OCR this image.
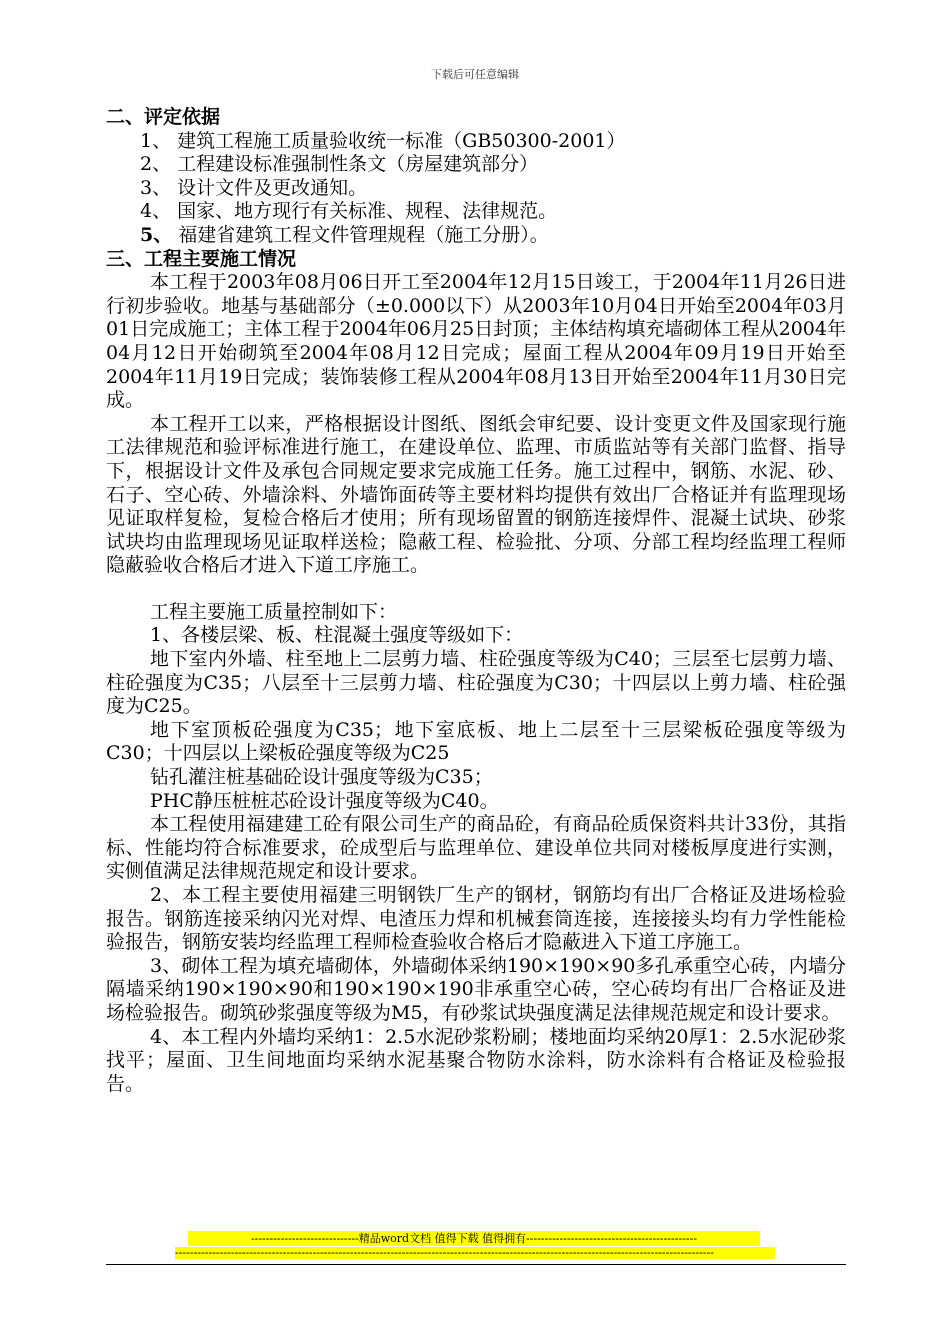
下载后可任意编辑
二、评定依据
1、 建筑工程施工质量验收统一标准（GB50300-2001）
2、 工程建设标准强制性条文（房屋建筑部分）
3、 设计文件及更改通知。
4、 国家、地方现行有关标准、规程、法律规范。
5、 福建省建筑工程文件管理规程（施工分册）。
三、工程主要施工情况
本工程于2003年08月06日开工至2004年12月15日竣工，于2004年11月26日进行初步验收。地基与基础部分（±0.000以下）从2003年10月04日开始至2004年03月01日完成施工；主体工程于2004年06月25日封顶；主体结构填充墙砌体工程从2004年04月12日开始砌筑至2004年08月12日完成；屋面工程从2004年09月19日开始至2004年11月19日完成；装饰装修工程从2004年08月13日开始至2004年11月30日完成。
本工程开工以来，严格根据设计图纸、图纸会审纪要、设计变更文件及国家现行施工法律规范和验评标准进行施工，在建设单位、监理、市质监站等有关部门监督、指导下，根据设计文件及承包合同规定要求完成施工任务。施工过程中，钢筋、水泥、砂、石子、空心砖、外墙涂料、外墙饰面砖等主要材料均提供有效出厂合格证并有监理现场见证取样复检，复检合格后才使用；所有现场留置的钢筋连接焊件、混凝土试块、砂浆试块均由监理现场见证取样送检；隐蔽工程、检验批、分项、分部工程均经监理工程师隐蔽验收合格后才进入下道工序施工。
工程主要施工质量控制如下：
1、各楼层梁、板、柱混凝土强度等级如下：
地下室内外墙、柱至地上二层剪力墙、柱砼强度等级为C40；三层至七层剪力墙、柱砼强度为C35；八层至十三层剪力墙、柱砼强度为C30；十四层以上剪力墙、柱砼强度为C25。
地下室顶板砼强度为C35；地下室底板、地上二层至十三层梁板砼强度等级为C30；十四层以上梁板砼强度等级为C25
钻孔灌注桩基础砼设计强度等级为C35；
PHC静压桩桩芯砼设计强度等级为C40。
本工程使用福建建工砼有限公司生产的商品砼，有商品砼质保资料共计33份，其指标、性能均符合标准要求，砼成型后与监理单位、建设单位共同对楼板厚度进行实测，实侧值满足法律规范规定和设计要求。
2、本工程主要使用福建三明钢铁厂生产的钢材，钢筋均有出厂合格证及进场检验报告。钢筋连接采纳闪光对焊、电渣压力焊和机械套筒连接，连接接头均有力学性能检验报告，钢筋安装均经监理工程师检查验收合格后才隐蔽进入下道工序施工。
3、砌体工程为填充墙砌体，外墙砌体采纳190×190×90多孔承重空心砖，内墙分隔墙采纳190×190×90和190×190×190非承重空心砖，空心砖均有出厂合格证及进场检验报告。砌筑砂浆强度等级为M5，有砂浆试块强度满足法律规范规定和设计要求。
4、本工程内外墙均采纳1：2.5水泥砂浆粉刷；楼地面均采纳20厚1：2.5水泥砂浆找平；屋面、卫生间地面均采纳水泥基聚合物防水涂料，防水涂料有合格证及检验报告。
-----------------------------精品word文档 值得下载 值得拥有----------------------------------------------
-------------------------------------------------------------------------------------------------------------------------------------------------
